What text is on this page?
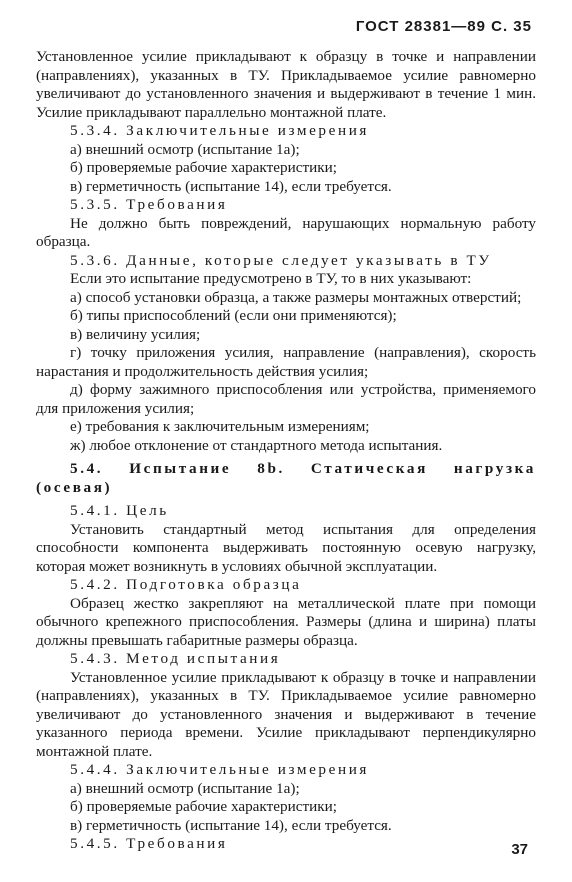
ГОСТ 28381—89 С. 35

Установленное усилие прикладывают к образцу в точке и направлении (направлениях), указанных в ТУ. Прикладываемое усилие равномерно увеличивают до установленного значения и выдерживают в течение 1 мин. Усилие прикладывают параллельно монтажной плате.

5.3.4. Заключительные измерения

а) внешний осмотр (испытание 1а);

б) проверяемые рабочие характеристики;

в) герметичность (испытание 14), если требуется.

5.3.5. Требования

Не должно быть повреждений, нарушающих нормальную работу образца.

5.3.6. Данные, которые следует указывать в ТУ

Если это испытание предусмотрено в ТУ, то в них указывают:

а) способ установки образца, а также размеры монтажных отверстий;

б) типы приспособлений (если они применяются);

в) величину усилия;

г) точку приложения усилия, направление (направления), скорость нарастания и продолжительность действия усилия;

д) форму зажимного приспособления или устройства, применяемого для приложения усилия;

е) требования к заключительным измерениям;

ж) любое отклонение от стандартного метода испытания.

5.4. Испытание 8b. Статическая нагрузка (осевая)

5.4.1. Цель

Установить стандартный метод испытания для определения способности компонента выдерживать постоянную осевую нагрузку, которая может возникнуть в условиях обычной эксплуатации.

5.4.2. Подготовка образца

Образец жестко закрепляют на металлической плате при помощи обычного крепежного приспособления. Размеры (длина и ширина) платы должны превышать габаритные размеры образца.

5.4.3. Метод испытания

Установленное усилие прикладывают к образцу в точке и направлении (направлениях), указанных в ТУ. Прикладываемое усилие равномерно увеличивают до установленного значения и выдерживают в течение указанного периода времени. Усилие прикладывают перпендикулярно монтажной плате.

5.4.4. Заключительные измерения

а) внешний осмотр (испытание 1а);

б) проверяемые рабочие характеристики;

в) герметичность (испытание 14), если требуется.

5.4.5. Требования	37
